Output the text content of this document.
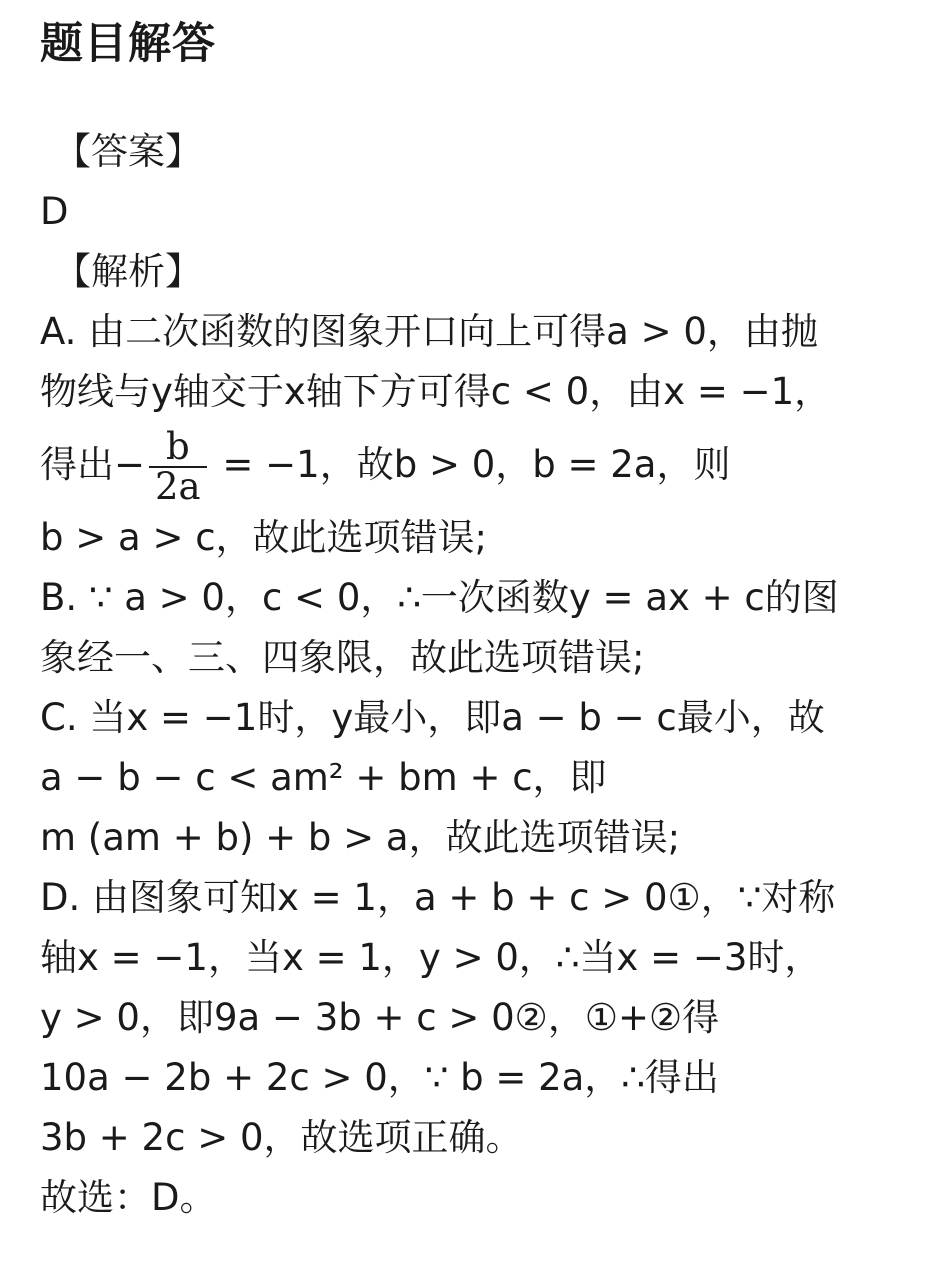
题目解答
【答案】
D
【解析】
A. 由二次函数的图象开口向上可得a > 0，由抛
物线与y轴交于x轴下方可得c < 0，由x = −1，
得出− $\frac{b}{2a} = -1$，故b > 0，b = 2a，则
b > a > c，故此选项错误;
B. ∵ a > 0，c < 0，∴一次函数y = ax + c的图
象经一、三、四象限，故此选项错误;
C. 当x = −1时，y最小，即a − b − c最小，故
a − b − c < am² + bm + c，即
m (am + b) + b > a，故此选项错误;
D. 由图象可知x = 1，a + b + c > 0①，∵对称
轴x = −1，当x = 1，y > 0，∴当x = −3时，
y > 0，即9a − 3b + c > 0②，①+②得
10a − 2b + 2c > 0，∵ b = 2a，∴得出
3b + 2c > 0，故选项正确。
故选：D。
